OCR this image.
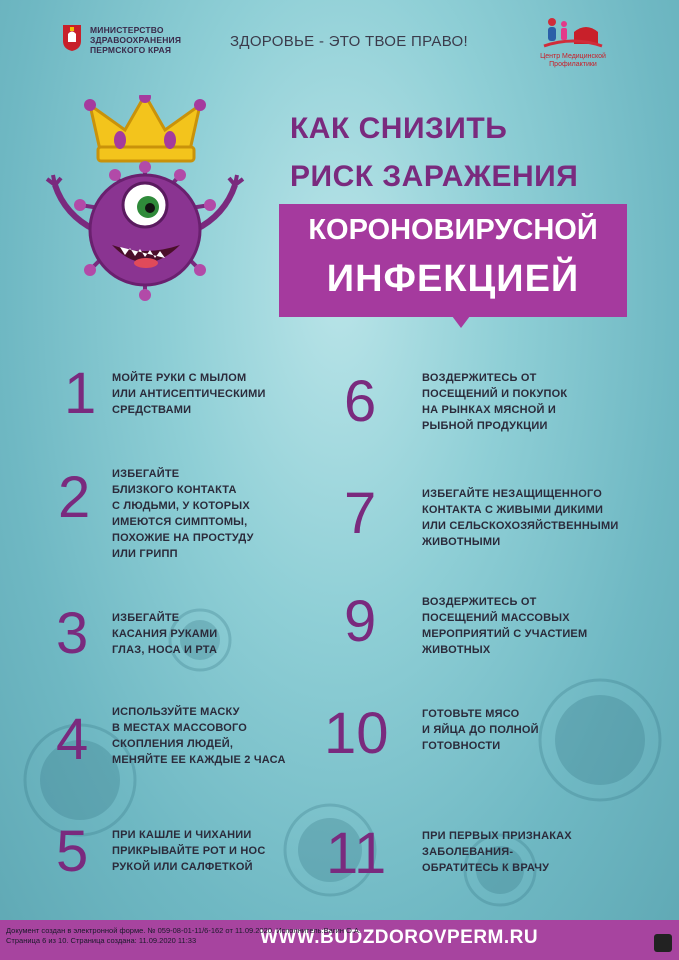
МИНИСТЕРСТВО
ЗДРАВООХРАНЕНИЯ
ПЕРМСКОГО КРАЯ	ЗДОРОВЬЕ - ЭТО ТВОЕ ПРАВО!
Центр Медицинской
Профилактики
КАК СНИЗИТЬ
РИСК ЗАРАЖЕНИЯ
КОРОНОВИРУСНОЙ
ИНФЕКЦИЕЙ
1 МОЙТЕ РУКИ С МЫЛОМ
ИЛИ АНТИСЕПТИЧЕСКИМИ
СРЕДСТВАМИ
2 ИЗБЕГАЙТЕ
БЛИЗКОГО КОНТАКТА
С ЛЮДЬМИ, У КОТОРЫХ
ИМЕЮТСЯ СИМПТОМЫ,
ПОХОЖИЕ НА ПРОСТУДУ
ИЛИ ГРИПП
3 ИЗБЕГАЙТЕ
КАСАНИЯ РУКАМИ
ГЛАЗ, НОСА И РТА
4 ИСПОЛЬЗУЙТЕ МАСКУ
В МЕСТАХ МАССОВОГО
СКОПЛЕНИЯ ЛЮДЕЙ,
МЕНЯЙТЕ ЕЕ КАЖДЫЕ 2 ЧАСА
5 ПРИ КАШЛЕ И ЧИХАНИИ
ПРИКРЫВАЙТЕ РОТ И НОС
РУКОЙ ИЛИ САЛФЕТКОЙ
6	ВОЗДЕРЖИТЕСЬ ОТ
ПОСЕЩЕНИЙ И ПОКУПОК
НА РЫНКАХ МЯСНОЙ И
РЫБНОЙ ПРОДУКЦИИ
7	ИЗБЕГАЙТЕ НЕЗАЩИЩЕННОГО
КОНТАКТА С ЖИВЫМИ ДИКИМИ
ИЛИ СЕЛЬСКОХОЗЯЙСТВЕННЫМИ
ЖИВОТНЫМИ
9	ВОЗДЕРЖИТЕСЬ ОТ
ПОСЕЩЕНИЙ МАССОВЫХ
МЕРОПРИЯТИЙ С УЧАСТИЕМ
ЖИВОТНЫХ
10	ГОТОВЬТЕ МЯСО
И ЯЙЦА ДО ПОЛНОЙ
ГОТОВНОСТИ
11	ПРИ ПЕРВЫХ ПРИЗНАКАХ
ЗАБОЛЕВАНИЯ-
ОБРАТИТЕСЬ К ВРАЧУ
WWW.BUDZDOROVPERM.RU
Документ создан в электронной форме. № 059-08-01-11/6-162 от 11.09.2020. Исполнитель:Вагин О.А.
Страница 6 из 10. Страница создана: 11.09.2020 11:33
